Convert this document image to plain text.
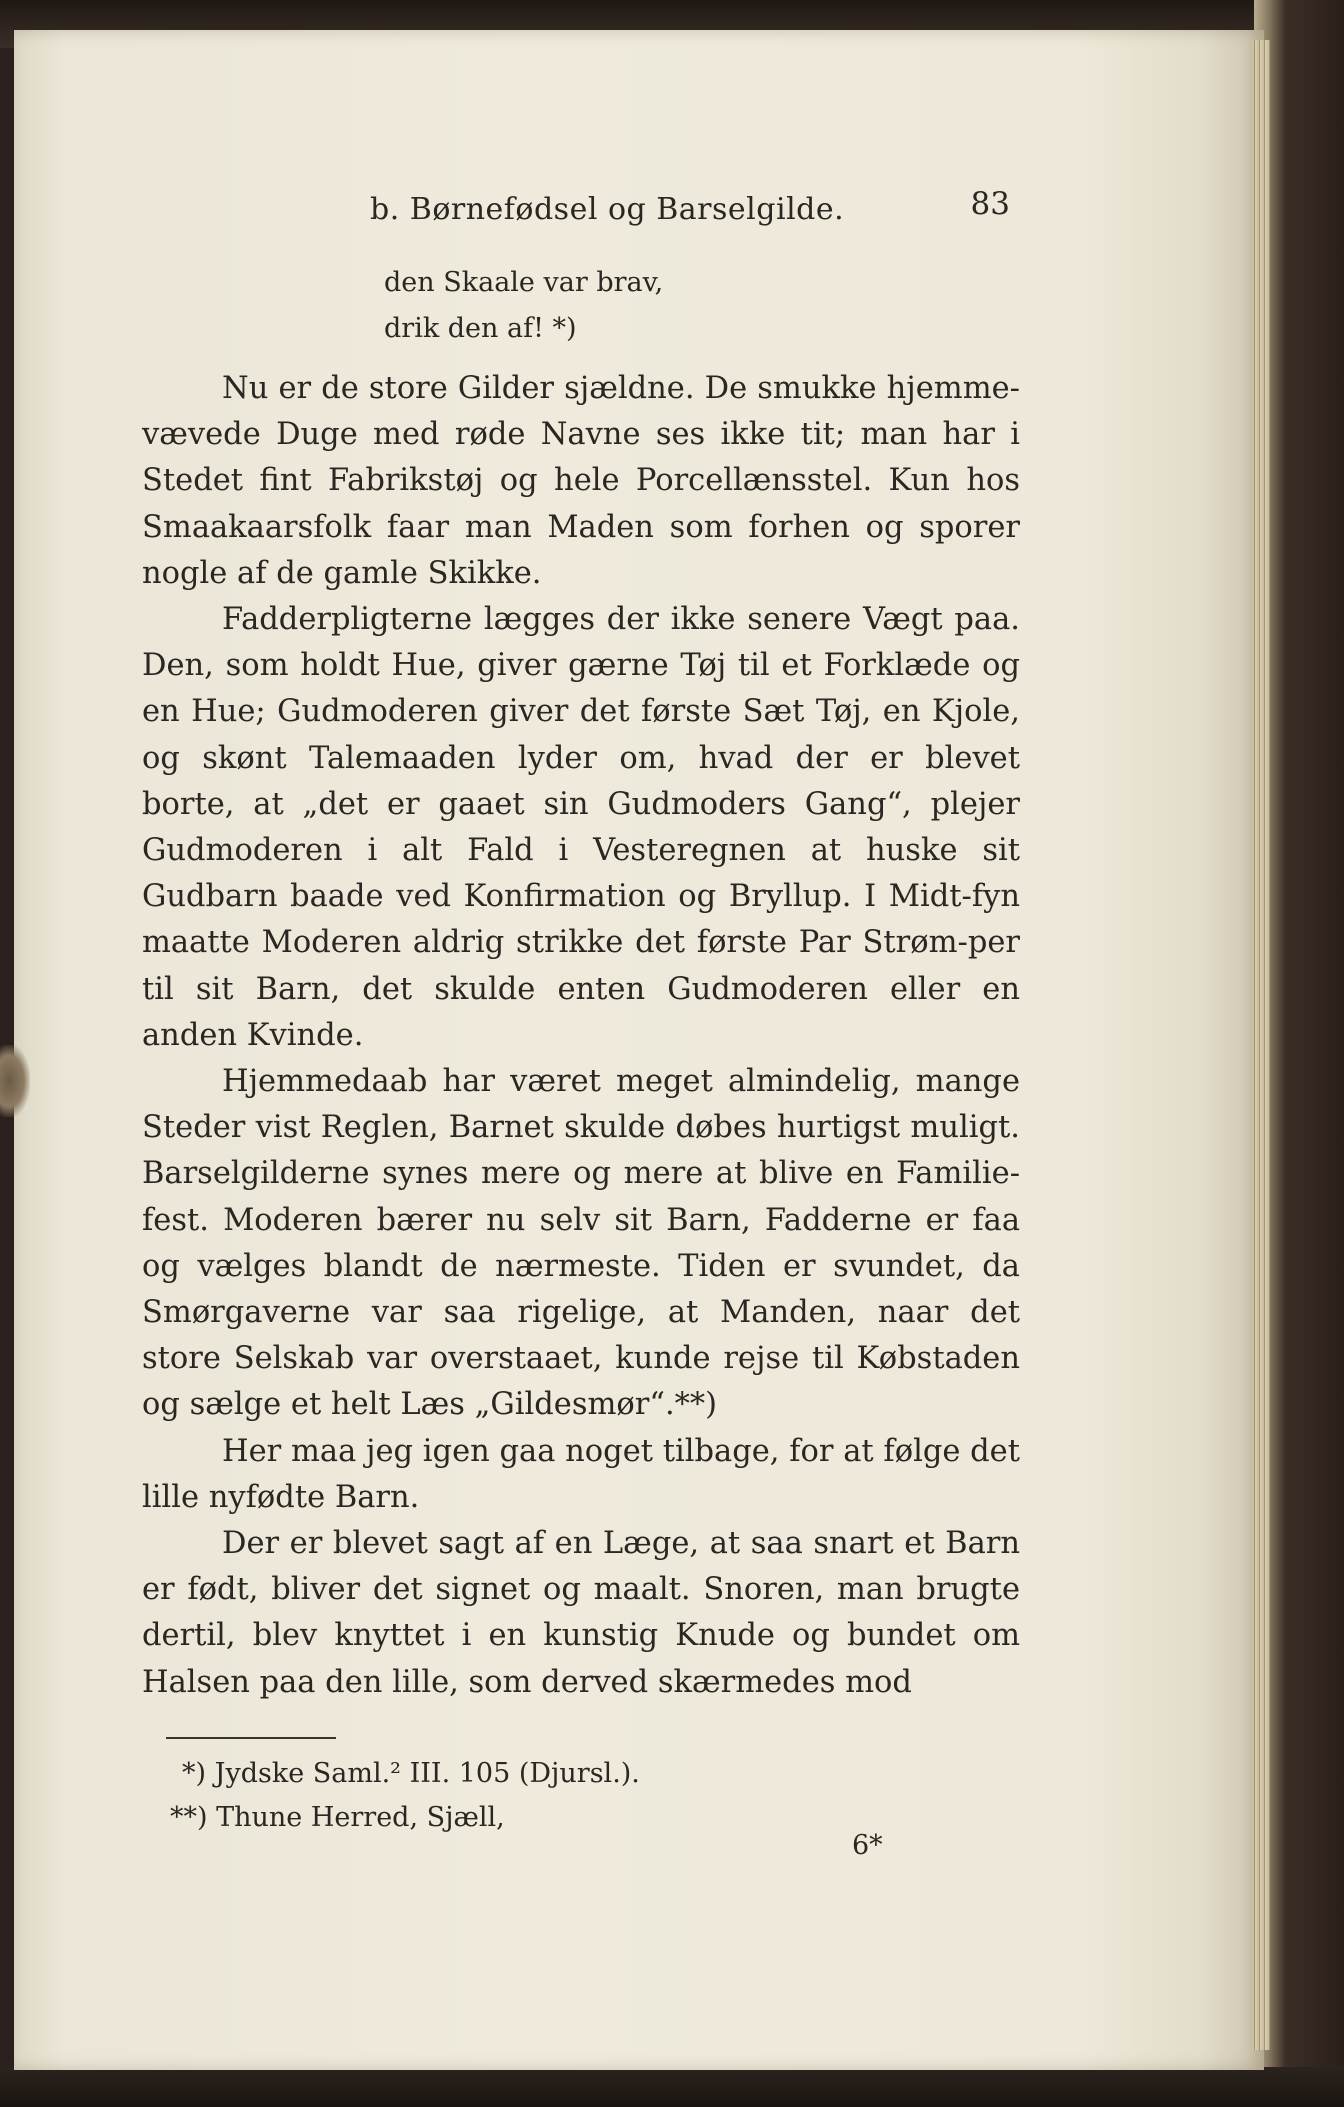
b. Børnefødsel og Barselgilde.	83

den Skaale var brav,

drik den af! *)

Nu er de store Gilder sjældne. De smukke hjemme-vævede Duge med røde Navne ses ikke tit; man har i Stedet fint Fabrikstøj og hele Porcellænsstel. Kun hos Smaakaarsfolk faar man Maden som forhen og sporer nogle af de gamle Skikke.

Fadderpligterne lægges der ikke senere Vægt paa. Den, som holdt Hue, giver gærne Tøj til et Forklæde og en Hue; Gudmoderen giver det første Sæt Tøj, en Kjole, og skønt Talemaaden lyder om, hvad der er blevet borte, at „det er gaaet sin Gudmoders Gang“, plejer Gudmoderen i alt Fald i Vesteregnen at huske sit Gudbarn baade ved Konfirmation og Bryllup. I Midt-fyn maatte Moderen aldrig strikke det første Par Strøm-per til sit Barn, det skulde enten Gudmoderen eller en anden Kvinde.

Hjemmedaab har været meget almindelig, mange Steder vist Reglen, Barnet skulde døbes hurtigst muligt. Barselgilderne synes mere og mere at blive en Familie-fest. Moderen bærer nu selv sit Barn, Fadderne er faa og vælges blandt de nærmeste. Tiden er svundet, da Smørgaverne var saa rigelige, at Manden, naar det store Selskab var overstaaet, kunde rejse til Købstaden og sælge et helt Læs „Gildesmør“.**)

Her maa jeg igen gaa noget tilbage, for at følge det lille nyfødte Barn.

Der er blevet sagt af en Læge, at saa snart et Barn er født, bliver det signet og maalt. Snoren, man brugte dertil, blev knyttet i en kunstig Knude og bundet om Halsen paa den lille, som derved skærmedes mod

*) Jydske Saml.² III. 105 (Djursl.).

**) Thune Herred, Sjæll,

6*
